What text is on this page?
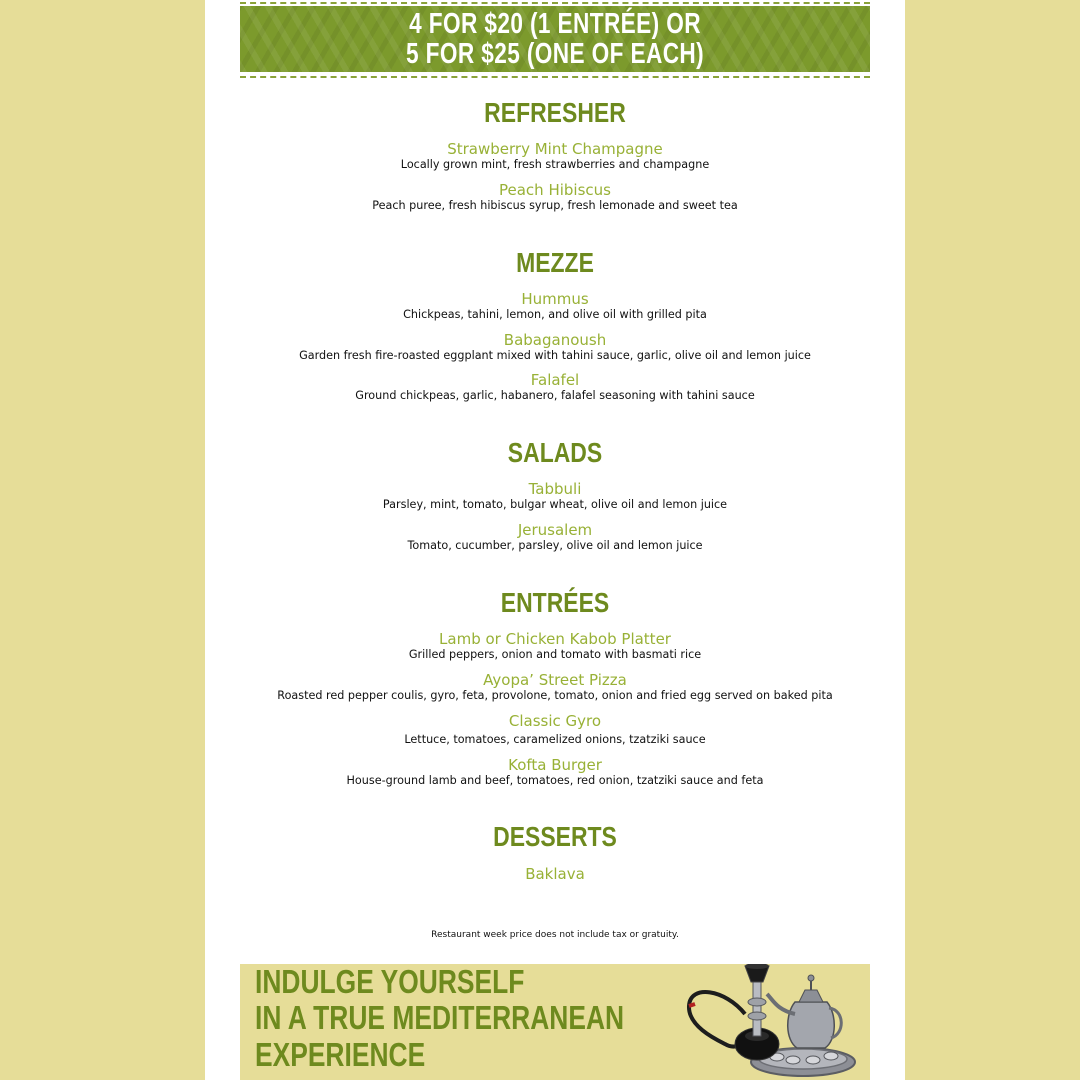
4 FOR $20 (1 ENTRÉE) OR
5 FOR $25 (ONE OF EACH)
REFRESHER
Strawberry Mint Champagne
Locally grown mint, fresh strawberries and champagne
Peach Hibiscus
Peach puree, fresh hibiscus syrup, fresh lemonade and sweet tea
MEZZE
Hummus
Chickpeas, tahini, lemon, and olive oil with grilled pita
Babaganoush
Garden fresh fire-roasted eggplant mixed with tahini sauce, garlic, olive oil and lemon juice
Falafel
Ground chickpeas, garlic, habanero, falafel seasoning with tahini sauce
SALADS
Tabbuli
Parsley, mint, tomato, bulgar wheat, olive oil and lemon juice
Jerusalem
Tomato, cucumber, parsley, olive oil and lemon juice
ENTRÉES
Lamb or Chicken Kabob Platter
Grilled peppers, onion and tomato with basmati rice
Ayopa’ Street Pizza
Roasted red pepper coulis, gyro, feta, provolone, tomato, onion and fried egg served on baked pita
Classic Gyro
Lettuce, tomatoes, caramelized onions, tzatziki sauce
Kofta Burger
House-ground lamb and beef, tomatoes, red onion, tzatziki sauce and feta
DESSERTS
Baklava
Restaurant week price does not include tax or gratuity.
INDULGE YOURSELF
IN A TRUE MEDITERRANEAN
EXPERIENCE
